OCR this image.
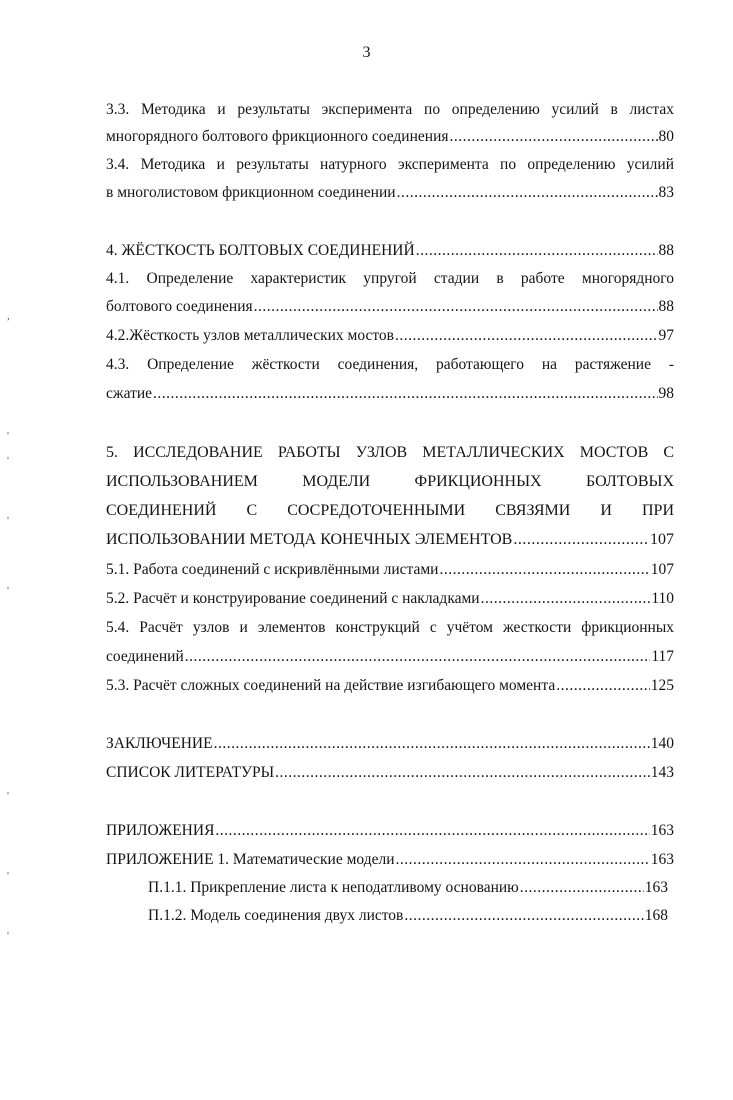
3
3.3. Методика и результаты эксперимента по определению усилий в листах
многорядного болтового фрикционного соединения .....	80
3.4. Методика и результаты натурного эксперимента по определению усилий
в многолистовом фрикционном соединении .....	83
4. ЖЁСТКОСТЬ БОЛТОВЫХ СОЕДИНЕНИЙ .....	88
4.1. Определение характеристик упругой стадии в работе многорядного
болтового соединения .....	88
4.2.Жёсткость узлов металлических мостов .....	97
4.3. Определение жёсткости соединения, работающего на растяжение -
сжатие .....	98
5. ИССЛЕДОВАНИЕ РАБОТЫ УЗЛОВ МЕТАЛЛИЧЕСКИХ МОСТОВ С
ИСПОЛЬЗОВАНИЕМ МОДЕЛИ ФРИКЦИОННЫХ БОЛТОВЫХ
СОЕДИНЕНИЙ С СОСРЕДОТОЧЕННЫМИ СВЯЗЯМИ И ПРИ
ИСПОЛЬЗОВАНИИ МЕТОДА КОНЕЧНЫХ ЭЛЕМЕНТОВ .....	107
5.1. Работа соединений с искривлёнными листами .....	107
5.2. Расчёт и конструирование соединений с накладками .....	110
5.4. Расчёт узлов и элементов конструкций с учётом жесткости фрикционных
соединений .....	117
5.3. Расчёт сложных соединений на действие изгибающего момента .....	125
ЗАКЛЮЧЕНИЕ .....	140
СПИСОК ЛИТЕРАТУРЫ .....	143
ПРИЛОЖЕНИЯ .....	163
ПРИЛОЖЕНИЕ 1. Математические модели .....	163
П.1.1. Прикрепление листа к неподатливому основанию .....	163
П.1.2. Модель соединения двух листов .....	168
,
'
'
'
'
'
'
'
